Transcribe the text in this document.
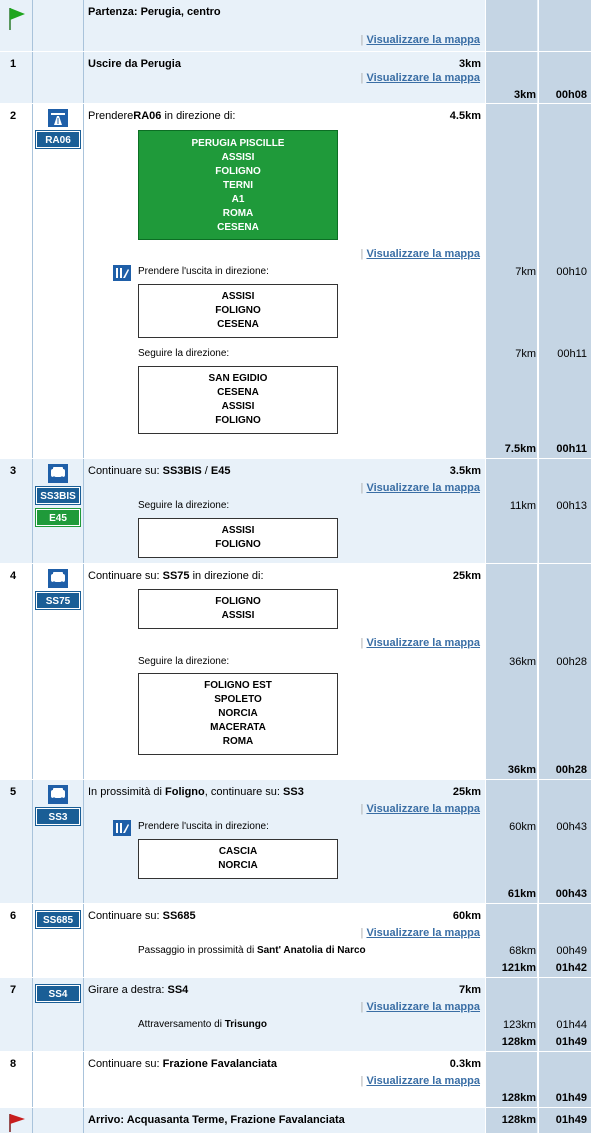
Partenza: Perugia, centro
| Visualizzare la mappa
1	Uscire da Perugia	3km
| Visualizzare la mappa
3km	00h08
2
RA06
PrendereRA06 in direzione di:	4.5km
PERUGIA PISCILLE
ASSISI
FOLIGNO
TERNI
A1
ROMA
CESENA
| Visualizzare la mappa
Prendere l'uscita in direzione:	7km	00h10
ASSISI
FOLIGNO
CESENA
Seguire la direzione:	7km	00h11
SAN EGIDIO
CESENA
ASSISI
FOLIGNO
7.5km	00h11
3
SS3BIS
E45
Continuare su: SS3BIS / E45	3.5km
| Visualizzare la mappa
Seguire la direzione:	11km	00h13
ASSISI
FOLIGNO
4
SS75
Continuare su: SS75 in direzione di:	25km
FOLIGNO
ASSISI
| Visualizzare la mappa
Seguire la direzione:	36km	00h28
FOLIGNO EST
SPOLETO
NORCIA
MACERATA
ROMA
36km	00h28
5
SS3
In prossimità di Foligno, continuare su: SS3	25km
| Visualizzare la mappa
Prendere l'uscita in direzione:	60km	00h43
CASCIA
NORCIA
61km	00h43
6	SS685	Continuare su: SS685	60km
| Visualizzare la mappa
Passaggio in prossimità di Sant' Anatolia di Narco	68km	00h49
121km	01h42
7	SS4	Girare a destra: SS4	7km
| Visualizzare la mappa
Attraversamento di Trisungo	123km	01h44
128km	01h49
8	Continuare su: Frazione Favalanciata	0.3km
| Visualizzare la mappa
128km	01h49
Arrivo: Acquasanta Terme, Frazione Favalanciata	128km	01h49
